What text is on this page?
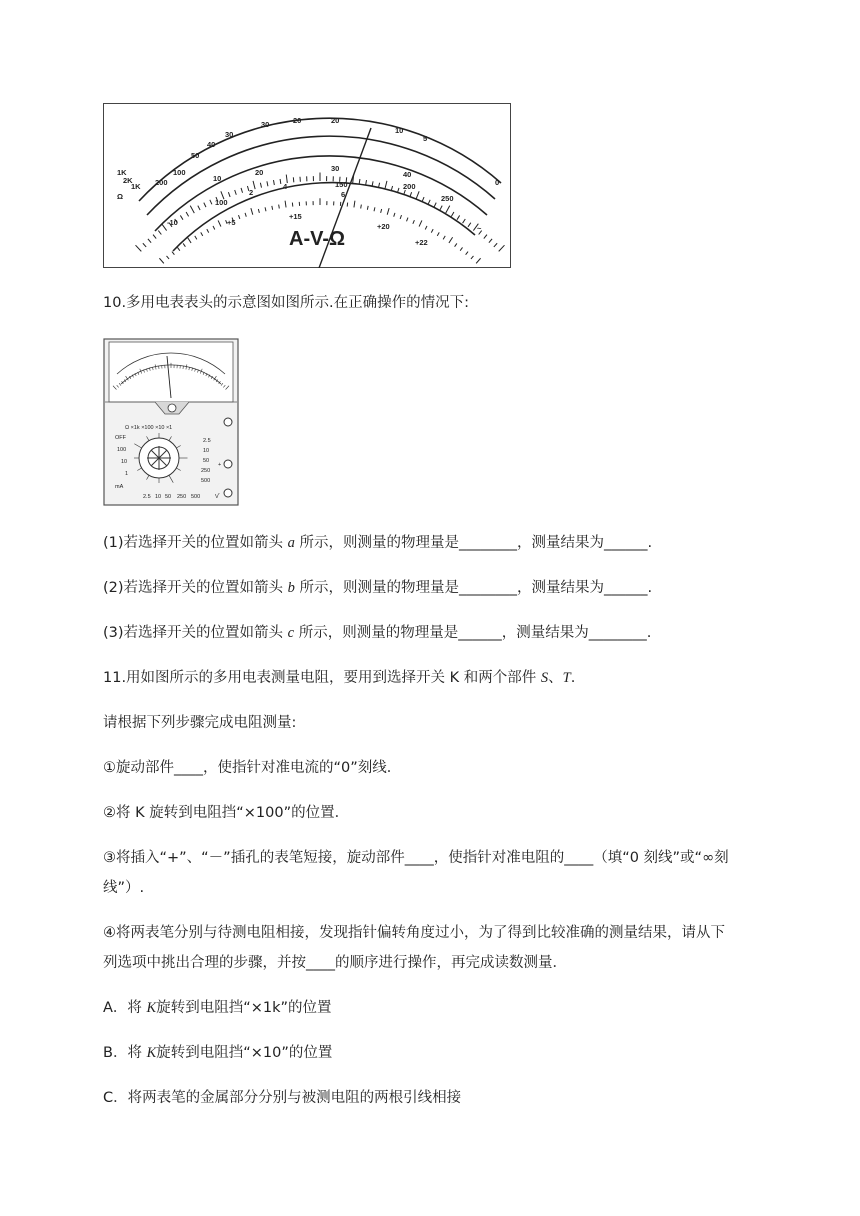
A-V-Ω
50
40
30
30	20	20
10
5
0
100
200
1K
10
20	30
40
100
150	200
250
2
4
6
-10	+5
+15
+20
+22
1K
2K
Ω
~
10.多用电表表头的示意图如图所示.在正确操作的情况下:
Ω ×1k ×100 ×10 ×1
OFF
100
10
1
mA
2.5
10
50
250
500
2.5 10 50 250 500	V
+
-
(1)若选择开关的位置如箭头 a 所示，则测量的物理量是________，测量结果为______.
(2)若选择开关的位置如箭头 b 所示，则测量的物理量是________，测量结果为______.
(3)若选择开关的位置如箭头 c 所示，则测量的物理量是______，测量结果为________.
11.用如图所示的多用电表测量电阻，要用到选择开关 K 和两个部件 S、T.
请根据下列步骤完成电阻测量:
①旋动部件____，使指针对准电流的“0”刻线．
②将 K 旋转到电阻挡“×100”的位置．
③将插入“+”、“－”插孔的表笔短接，旋动部件____，使指针对准电阻的____（填“0 刻线”或“∞刻
线”）.
④将两表笔分别与待测电阻相接，发现指针偏转角度过小，为了得到比较准确的测量结果，请从下
列选项中挑出合理的步骤，并按____的顺序进行操作，再完成读数测量．
A．将 K旋转到电阻挡“×1k”的位置
B．将 K旋转到电阻挡“×10”的位置
C．将两表笔的金属部分分别与被测电阻的两根引线相接
